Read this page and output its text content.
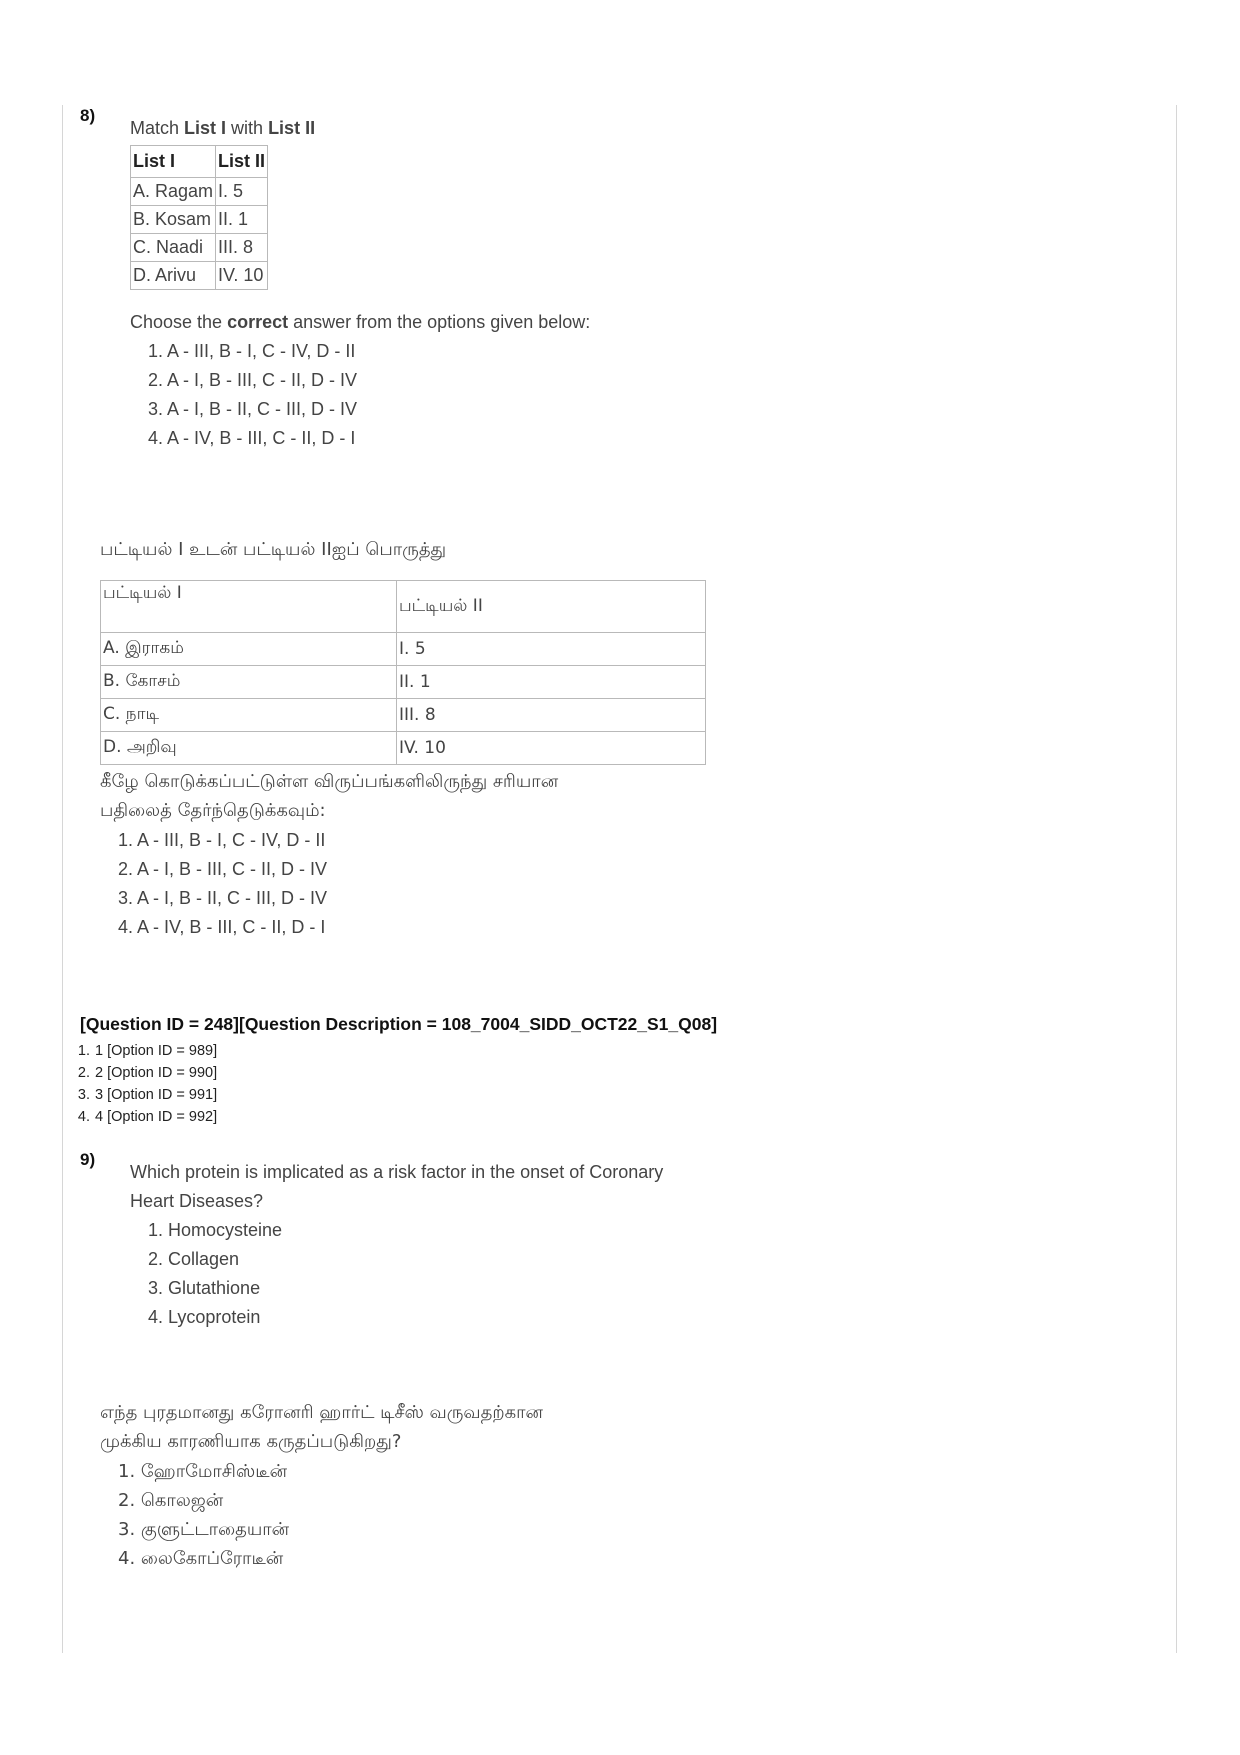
8)
Match List I with List II
List I	List II
A. Ragam	I. 5
B. Kosam	II. 1
C. Naadi	III. 8
D. Arivu	IV. 10
Choose the correct answer from the options given below:
1. A - III, B - I, C - IV, D - II
2. A - I, B - III, C - II, D - IV
3. A - I, B - II, C - III, D - IV
4. A - IV, B - III, C - II, D - I
பட்டியல் I உடன் பட்டியல் IIஐப் பொருத்து
பட்டியல் I	பட்டியல் II
A. இராகம்	I. 5
B. கோசம்	II. 1
C. நாடி	III. 8
D. அறிவு	IV. 10
கீழே கொடுக்கப்பட்டுள்ள விருப்பங்களிலிருந்து சரியான
பதிலைத் தேர்ந்தெடுக்கவும்:
1. A - III, B - I, C - IV, D - II
2. A - I, B - III, C - II, D - IV
3. A - I, B - II, C - III, D - IV
4. A - IV, B - III, C - II, D - I
[Question ID = 248][Question Description = 108_7004_SIDD_OCT22_S1_Q08]
1. 1 [Option ID = 989]
2. 2 [Option ID = 990]
3. 3 [Option ID = 991]
4. 4 [Option ID = 992]
9)
Which protein is implicated as a risk factor in the onset of Coronary
Heart Diseases?
1. Homocysteine
2. Collagen
3. Glutathione
4. Lycoprotein
எந்த புரதமானது கரோனரி ஹார்ட் டிசீஸ் வருவதற்கான
முக்கிய காரணியாக கருதப்படுகிறது?
1. ஹோமோசிஸ்டீன்
2. கொலஜன்
3. குளுட்டாதையான்
4. லைகோப்ரோடீன்
